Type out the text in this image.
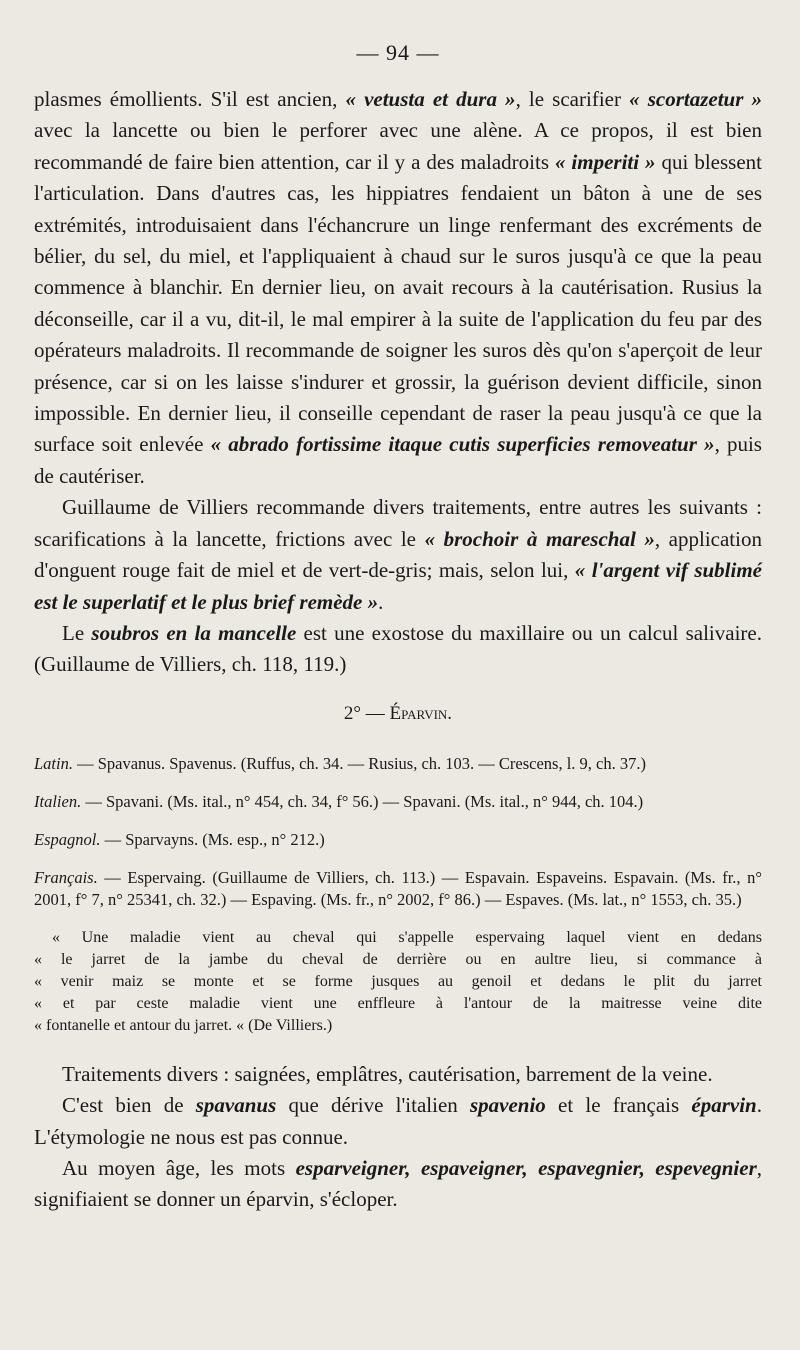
— 94 —

plasmes émollients. S'il est ancien, « vetusta et dura », le scarifier « scortazetur » avec la lancette ou bien le perforer avec une alène. A ce propos, il est bien recommandé de faire bien attention, car il y a des maladroits « imperiti » qui blessent l'articulation. Dans d'autres cas, les hippiatres fendaient un bâton à une de ses extrémités, introduisaient dans l'échancrure un linge renfermant des excréments de bélier, du sel, du miel, et l'appliquaient à chaud sur le suros jusqu'à ce que la peau commence à blanchir. En dernier lieu, on avait recours à la cautérisation. Rusius la déconseille, car il a vu, dit-il, le mal empirer à la suite de l'application du feu par des opérateurs maladroits. Il recommande de soigner les suros dès qu'on s'aperçoit de leur présence, car si on les laisse s'indurer et grossir, la guérison devient difficile, sinon impossible. En dernier lieu, il conseille cependant de raser la peau jusqu'à ce que la surface soit enlevée « abrado fortissime itaque cutis superficies removeatur », puis de cautériser.

Guillaume de Villiers recommande divers traitements, entre autres les suivants : scarifications à la lancette, frictions avec le « brochoir à mareschal », application d'onguent rouge fait de miel et de vert-de-gris; mais, selon lui, « l'argent vif sublimé est le superlatif et le plus brief remède ».

Le soubros en la mancelle est une exostose du maxillaire ou un calcul salivaire. (Guillaume de Villiers, ch. 118, 119.)

2° — Éparvin.

Latin. — Spavanus. Spavenus. (Ruffus, ch. 34. — Rusius, ch. 103. — Crescens, l. 9, ch. 37.)

Italien. — Spavani. (Ms. ital., n° 454, ch. 34, f° 56.) — Spavani. (Ms. ital., n° 944, ch. 104.)

Espagnol. — Sparvayns. (Ms. esp., n° 212.)

Français. — Espervaing. (Guillaume de Villiers, ch. 113.) — Espavain. Espaveins. Espavain. (Ms. fr., n° 2001, f° 7, n° 25341, ch. 32.) — Espaving. (Ms. fr., n° 2002, f° 86.) — Espaves. (Ms. lat., n° 1553, ch. 35.)

« Une maladie vient au cheval qui s'appelle espervaing laquel vient en dedans
« le jarret de la jambe du cheval de derrière ou en aultre lieu, si commance à
« venir maiz se monte et se forme jusques au genoil et dedans le plit du jarret
« et par ceste maladie vient une enffleure à l'antour de la maitresse veine dite
« fontanelle et antour du jarret. « (De Villiers.)

Traitements divers : saignées, emplâtres, cautérisation, barrement de la veine.

C'est bien de spavanus que dérive l'italien spavenio et le français éparvin. L'étymologie ne nous est pas connue.

Au moyen âge, les mots esparveigner, espaveigner, espavegnier, espevegnier, signifiaient se donner un éparvin, s'écloper.
